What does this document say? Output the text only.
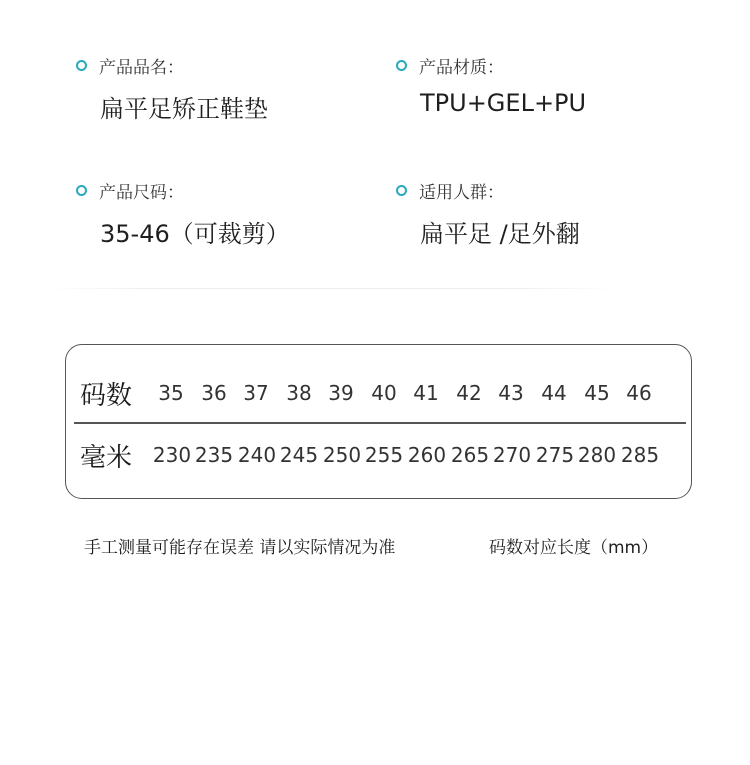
产品品名：
扁平足矫正鞋垫
产品材质：
TPU+GEL+PU
产品尺码：
35-46（可裁剪）
适用人群：
扁平足 /足外翻
码数	35 36 37 38 39 40 41 42 43 44 45 46
毫米 230 235 240 245 250 255 260 265 270 275 280 285
手工测量可能存在误差 请以实际情况为准	码数对应长度（mm）
